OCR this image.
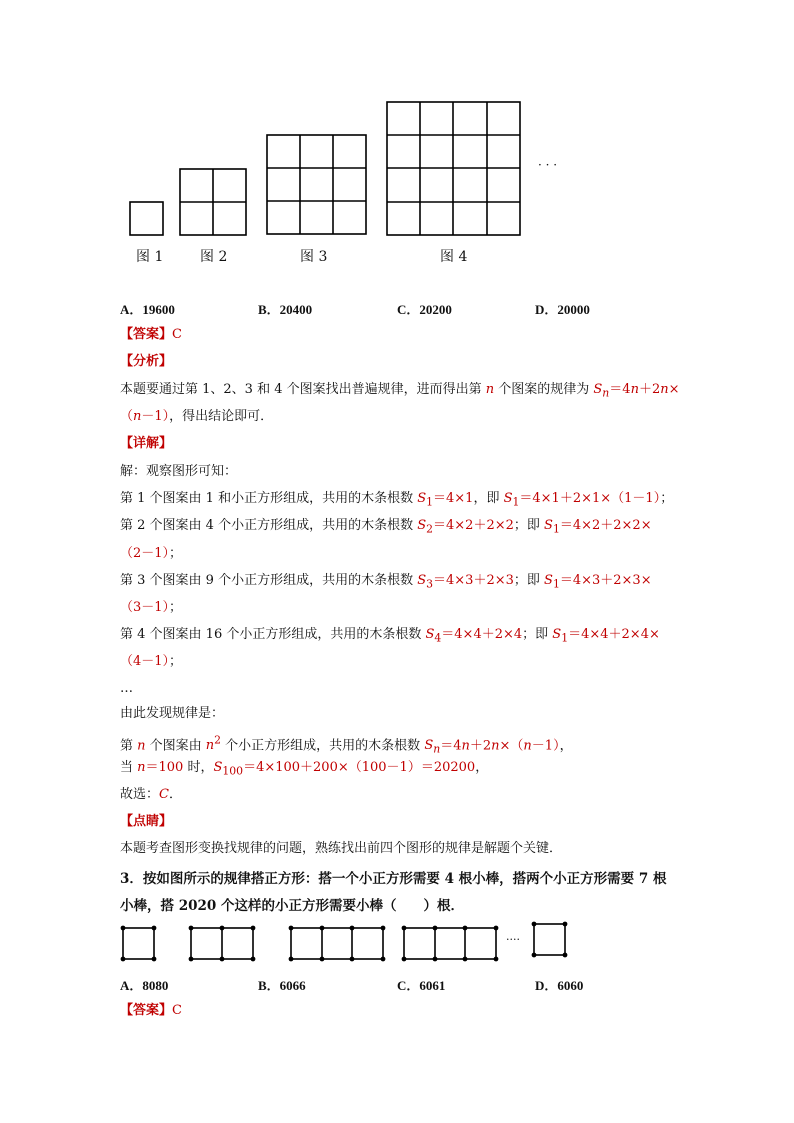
· · ·
图 1	图 2	图 3	图 4
A．19600	B．20400	C．20200	D．20000
【答案】C
【分析】
本题要通过第 1、2、3 和 4 个图案找出普遍规律，进而得出第 n 个图案的规律为 $S_n=4n+2n\times$
（n－1），得出结论即可．
【详解】
解：观察图形可知：
第 1 个图案由 1 和小正方形组成，共用的木条根数 $S_1=4\times 1$，即 $S_1=4\times 1+2\times 1\times(1-1)$；
第 2 个图案由 4 个小正方形组成，共用的木条根数 $S_2=4\times 2+2\times 2$；即 $S_1=4\times 2+2\times 2\times$
（2－1）；
第 3 个图案由 9 个小正方形组成，共用的木条根数 $S_3=4\times 3+2\times 3$；即 $S_1=4\times 3+2\times 3\times$
（3－1）；
第 4 个图案由 16 个小正方形组成，共用的木条根数 $S_4=4\times 4+2\times 4$；即 $S_1=4\times 4+2\times 4\times$
（4－1）；
…
由此发现规律是：
第 n 个图案由 $n^2$ 个小正方形组成，共用的木条根数 $S_n=4n+2n\times(n-1)$，
当 n＝100 时，$S_{100}=4\times 100+200\times(100-1)=20200$，
故选：C．
【点睛】
本题考查图形变换找规律的问题，熟练找出前四个图形的规律是解题个关键．
3．按如图所示的规律搭正方形：搭一个小正方形需要 4 根小棒，搭两个小正方形需要 7 根
小棒，搭 2020 个这样的小正方形需要小棒（　　）根．
····
A．8080	B．6066	C．6061	D．6060
【答案】C
